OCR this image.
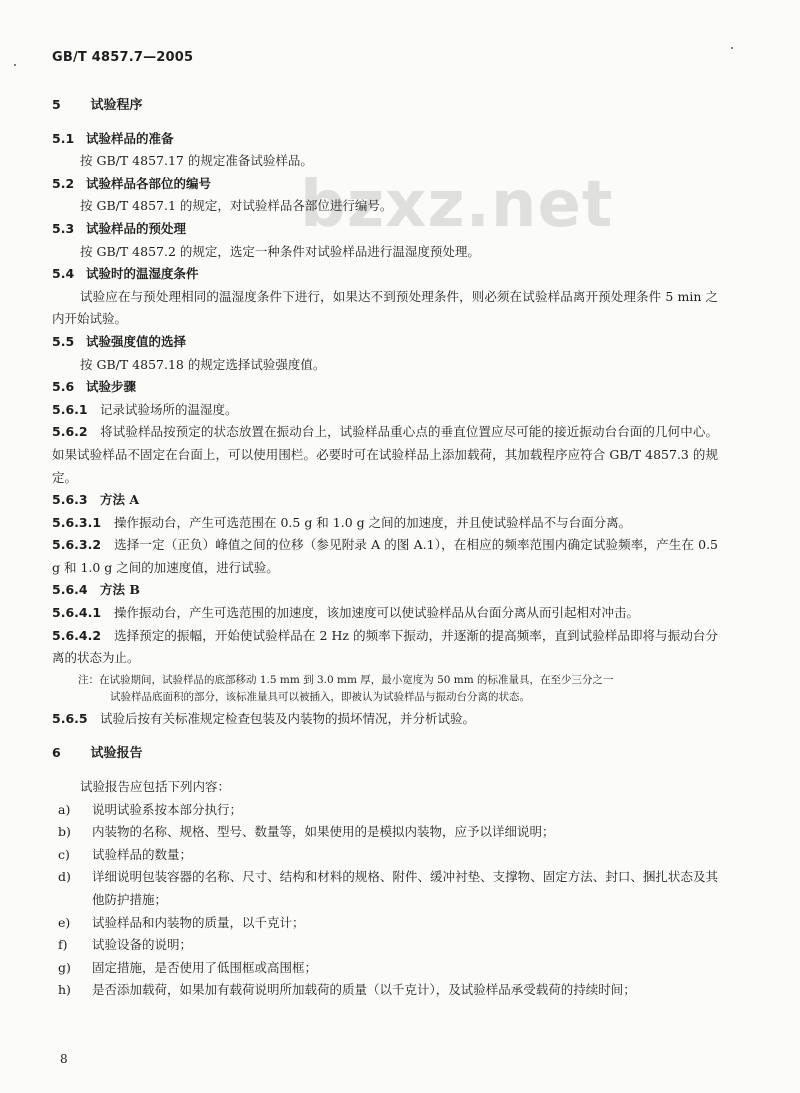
GB/T 4857.7—2005
bzxz.net
5 试验程序
5.1 试验样品的准备
按 GB/T 4857.17 的规定准备试验样品。
5.2 试验样品各部位的编号
按 GB/T 4857.1 的规定，对试验样品各部位进行编号。
5.3 试验样品的预处理
按 GB/T 4857.2 的规定，选定一种条件对试验样品进行温湿度预处理。
5.4 试验时的温湿度条件
试验应在与预处理相同的温湿度条件下进行，如果达不到预处理条件，则必须在试验样品离开预处理条件 5 min 之内开始试验。
5.5 试验强度值的选择
按 GB/T 4857.18 的规定选择试验强度值。
5.6 试验步骤
5.6.1 记录试验场所的温湿度。
5.6.2 将试验样品按预定的状态放置在振动台上，试验样品重心点的垂直位置应尽可能的接近振动台台面的几何中心。如果试验样品不固定在台面上，可以使用围栏。必要时可在试验样品上添加载荷，其加载程序应符合 GB/T 4857.3 的规定。
5.6.3 方法 A
5.6.3.1 操作振动台，产生可选范围在 0.5 g 和 1.0 g 之间的加速度，并且使试验样品不与台面分离。
5.6.3.2 选择一定（正负）峰值之间的位移（参见附录 A 的图 A.1），在相应的频率范围内确定试验频率，产生在 0.5 g 和 1.0 g 之间的加速度值，进行试验。
5.6.4 方法 B
5.6.4.1 操作振动台，产生可选范围的加速度，该加速度可以使试验样品从台面分离从而引起相对冲击。
5.6.4.2 选择预定的振幅，开始使试验样品在 2 Hz 的频率下振动，并逐渐的提高频率，直到试验样品即将与振动台分离的状态为止。
注：在试验期间，试验样品的底部移动 1.5 mm 到 3.0 mm 厚，最小宽度为 50 mm 的标准量具，在至少三分之一
试验样品底面积的部分，该标准量具可以被插入，即被认为试验样品与振动台分离的状态。
5.6.5 试验后按有关标准规定检查包装及内装物的损坏情况，并分析试验。
6 试验报告
试验报告应包括下列内容：
a)	说明试验系按本部分执行；
b)	内装物的名称、规格、型号、数量等，如果使用的是模拟内装物，应予以详细说明；
c)	试验样品的数量；
d)	详细说明包装容器的名称、尺寸、结构和材料的规格、附件、缓冲衬垫、支撑物、固定方法、封口、捆扎状态及其他防护措施；
e)	试验样品和内装物的质量，以千克计；
f)	试验设备的说明；
g)	固定措施，是否使用了低围框或高围框；
h)	是否添加载荷，如果加有载荷说明所加载荷的质量（以千克计），及试验样品承受载荷的持续时间；
8
